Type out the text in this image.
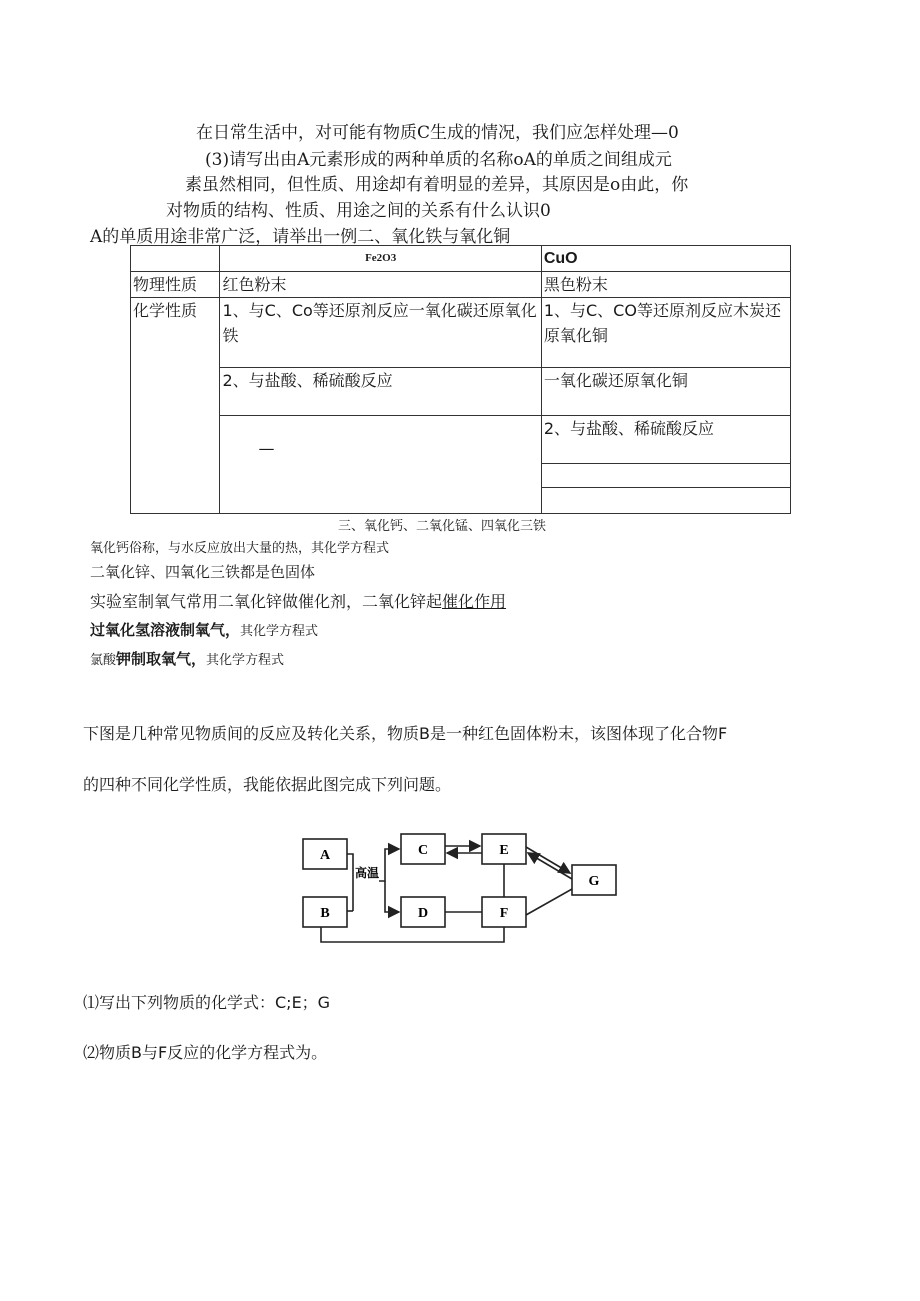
在日常生活中，对可能有物质C生成的情况，我们应怎样处理—0
(3)请写出由A元素形成的两种单质的名称oA的单质之间组成元
素虽然相同，但性质、用途却有着明显的差异，其原因是o由此，你
对物质的结构、性质、用途之间的关系有什么认识0
A的单质用途非常广泛，请举出一例二、氧化铁与氧化铜
	Fe2O3	CuO
物理性质	红色粉末	黑色粉末
化学性质	1、与C、Co等还原剂反应一氧化碳还原氧化铁	1、与C、CO等还原剂反应木炭还原氧化铜
	2、与盐酸、稀硫酸反应	一氧化碳还原氧化铜
	—	2、与盐酸、稀硫酸反应

三、氧化钙、二氧化锰、四氧化三铁
氧化钙俗称，与水反应放出大量的热，其化学方程式
二氧化锌、四氧化三铁都是色固体
实验室制氧气常用二氧化锌做催化剂，二氧化锌起催化作用
过氧化氢溶液制氧气，其化学方程式
氯酸钾制取氧气，其化学方程式
下图是几种常见物质间的反应及转化关系，物质B是一种红色固体粉末，该图体现了化合物F
的四种不同化学性质，我能依据此图完成下列问题。
A
B
C
D
E
F
G
高温
⑴写出下列物质的化学式：C;E；G
⑵物质B与F反应的化学方程式为。
